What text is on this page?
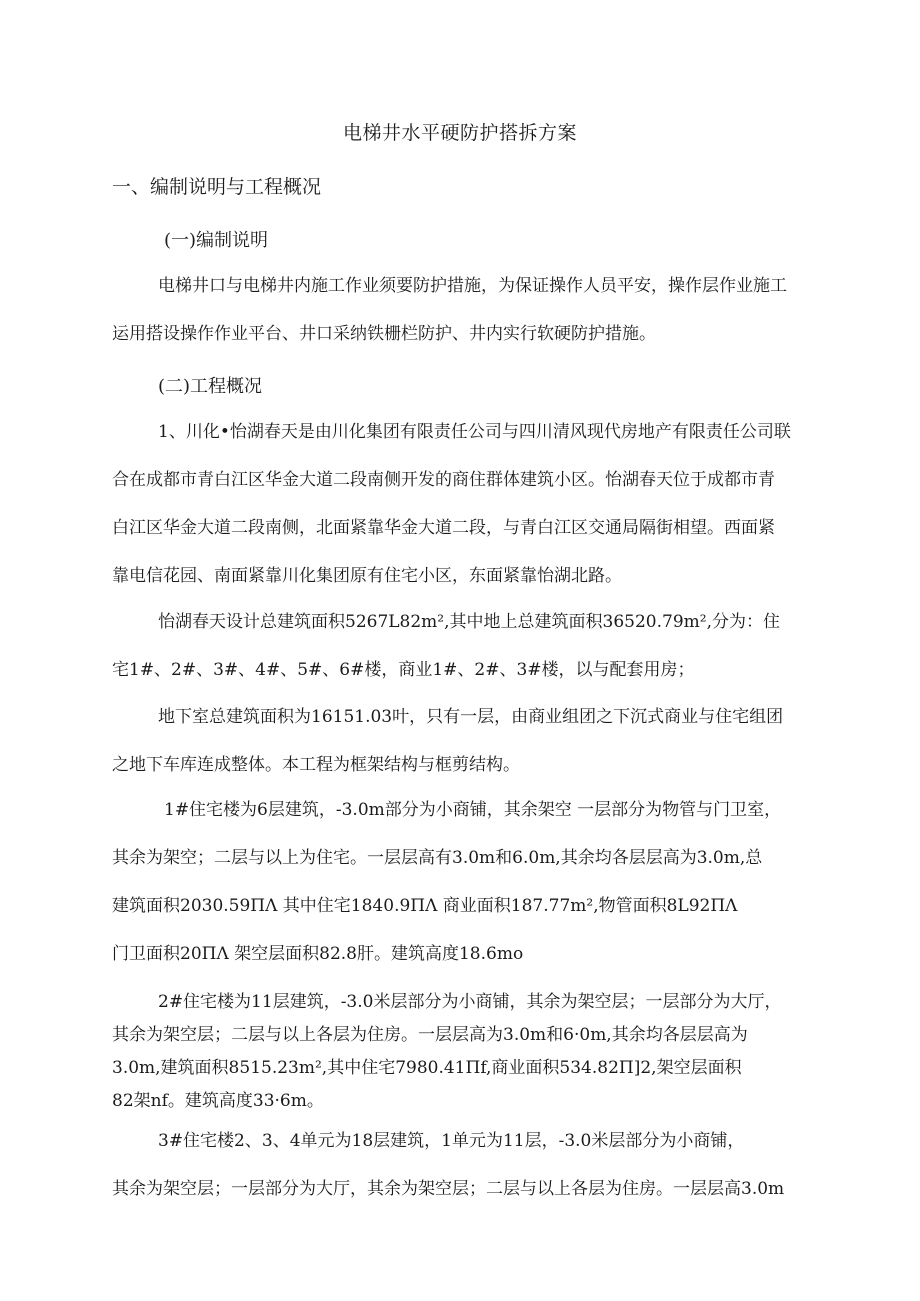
电梯井水平硬防护搭拆方案
一、编制说明与工程概况
(一)编制说明

电梯井口与电梯井内施工作业须要防护措施，为保证操作人员平安，操作层作业施工
运用搭设操作作业平台、井口采纳铁栅栏防护、井内实行软硬防护措施。

(二)工程概况

1、川化•怡湖春天是由川化集团有限责任公司与四川清风现代房地产有限责任公司联
合在成都市青白江区华金大道二段南侧开发的商住群体建筑小区。怡湖春天位于成都市青
白江区华金大道二段南侧，北面紧靠华金大道二段，与青白江区交通局隔街相望。西面紧
靠电信花园、南面紧靠川化集团原有住宅小区，东面紧靠怡湖北路。

怡湖春天设计总建筑面积5267L82m²,其中地上总建筑面积36520.79m²,分为：住
宅1#、2#、3#、4#、5#、6#楼，商业1#、2#、3#楼，以与配套用房；

地下室总建筑面积为16151.03叶，只有一层，由商业组团之下沉式商业与住宅组团
之地下车库连成整体。本工程为框架结构与框剪结构。

1#住宅楼为6层建筑，-3.0m部分为小商铺，其余架空 一层部分为物管与门卫室，
其余为架空；二层与以上为住宅。一层层高有3.0m和6.0m,其余均各层层高为3.0m,总
建筑面积2030.59ΠΛ 其中住宅1840.9ΠΛ 商业面积187.77m²,物管面积8L92ΠΛ
门卫面积20ΠΛ 架空层面积82.8肝。建筑高度18.6mo

2#住宅楼为11层建筑，-3.0米层部分为小商铺，其余为架空层；一层部分为大厅，
其余为架空层；二层与以上各层为住房。一层层高为3.0m和6·0m,其余均各层层高为
3.0m,建筑面积8515.23m²,其中住宅7980.41Πf,商业面积534.82Π]2,架空层面积
82架nf。建筑高度33·6m。

3#住宅楼2、3、4单元为18层建筑，1单元为11层，-3.0米层部分为小商铺，
其余为架空层；一层部分为大厅，其余为架空层；二层与以上各层为住房。一层层高3.0m
